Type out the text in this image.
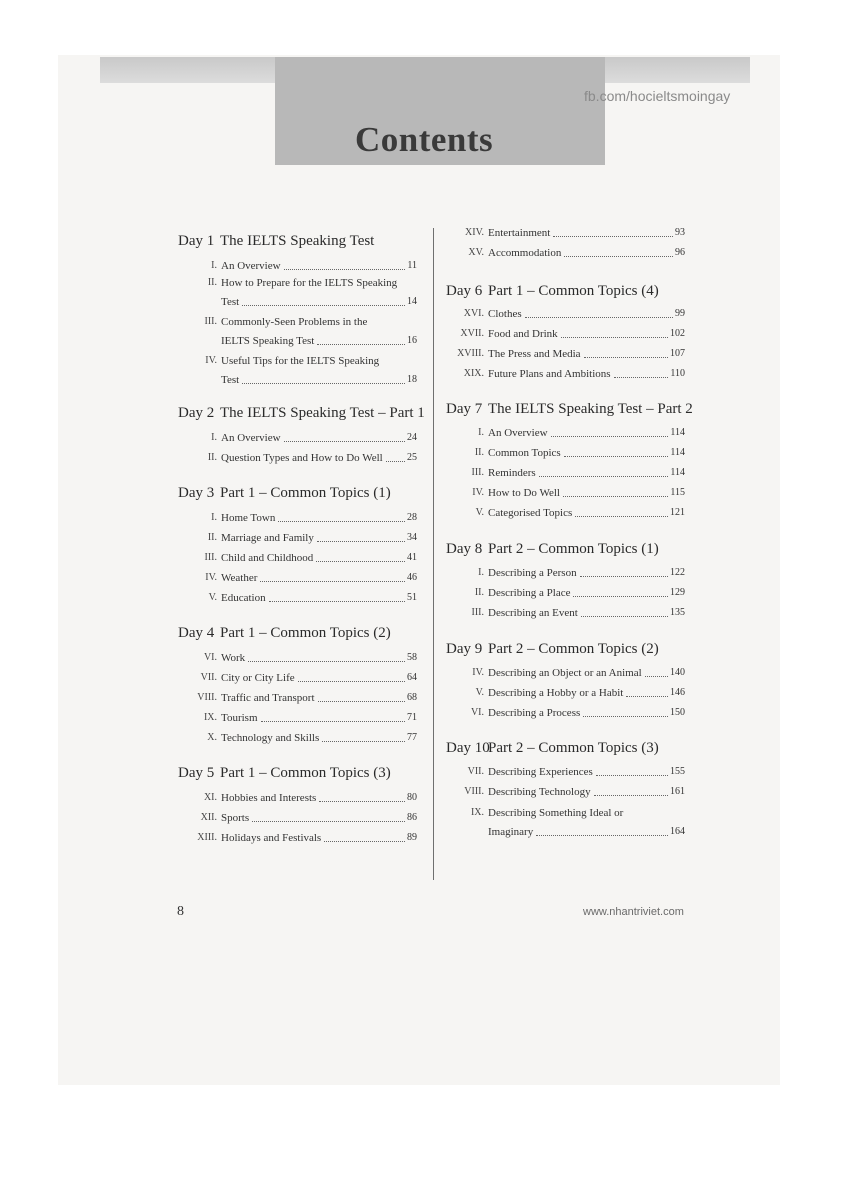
fb.com/hocieltsmoingay
Contents
Day 1 The IELTS Speaking Test
I. An Overview	11
II. How to Prepare for the IELTS Speaking
Test	14
III. Commonly-Seen Problems in the
IELTS Speaking Test	16
IV. Useful Tips for the IELTS Speaking
Test	18
Day 2 The IELTS Speaking Test – Part 1
I. An Overview	24
II. Question Types and How to Do Well 25
Day 3 Part 1 – Common Topics (1)
I. Home Town	28
II. Marriage and Family	34
III. Child and Childhood	41
IV. Weather	46
V. Education	51
Day 4 Part 1 – Common Topics (2)
VI. Work	58
VII. City or City Life	64
VIII. Traffic and Transport	68
IX. Tourism	71
X. Technology and Skills	77
Day 5 Part 1 – Common Topics (3)
XI. Hobbies and Interests	80
XII. Sports	86
XIII. Holidays and Festivals	89
XIV. Entertainment	93
XV. Accommodation	96
Day 6 Part 1 – Common Topics (4)
XVI. Clothes	99
XVII. Food and Drink	102
XVIII. The Press and Media	107
XIX. Future Plans and Ambitions	110
Day 7 The IELTS Speaking Test – Part 2
I. An Overview	114
II. Common Topics	114
III. Reminders	114
IV. How to Do Well	115
V. Categorised Topics	121
Day 8 Part 2 – Common Topics (1)
I. Describing a Person	122
II. Describing a Place	129
III. Describing an Event	135
Day 9 Part 2 – Common Topics (2)
IV. Describing an Object or an Animal	140
V. Describing a Hobby or a Habit	146
VI. Describing a Process	150
Day 10
Part 2 – Common Topics (3)
VII. Describing Experiences	155
VIII. Describing Technology	161
IX. Describing Something Ideal or
Imaginary	164
8	www.nhantriviet.com
